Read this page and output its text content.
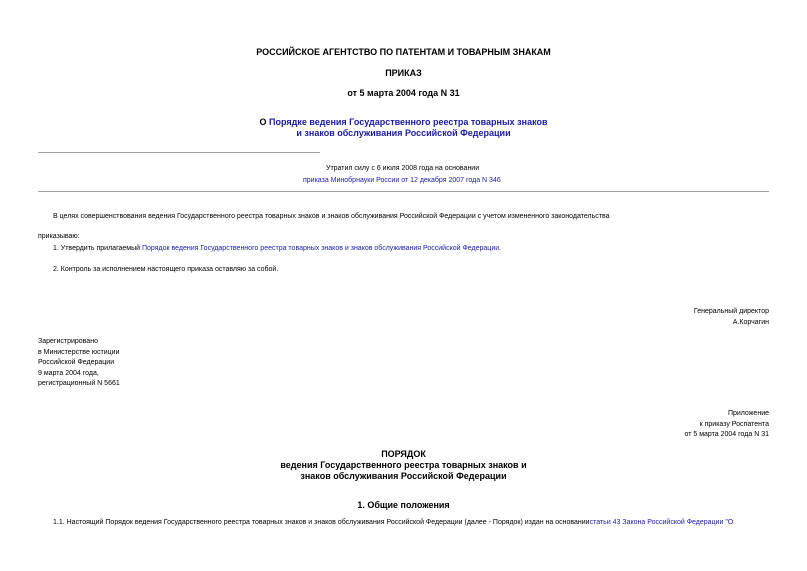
РОССИЙСКОЕ АГЕНТСТВО ПО ПАТЕНТАМ И ТОВАРНЫМ ЗНАКАМ
ПРИКАЗ
от 5 марта 2004 года N 31
О Порядке ведения Государственного реестра товарных знаков
и знаков обслуживания Российской Федерации
Утратил силу с 6 июля 2008 года на основании
приказа Минобрнауки России от 12 декабря 2007 года N 346
В целях совершенствования ведения Государственного реестра товарных знаков и знаков обслуживания Российской Федерации с учетом измененного законодательства
приказываю:
1. Утвердить прилагаемый Порядок ведения Государственного реестра товарных знаков и знаков обслуживания Российской Федерации.
2. Контроль за исполнением настоящего приказа оставляю за собой.
Генеральный директор
А.Корчагин
Зарегистрировано
в Министерстве юстиции
Российской Федерации
9 марта 2004 года,
регистрационный N 5661
Приложение
к приказу Роспатента
от 5 марта 2004 года N 31
ПОРЯДОК
ведения Государственного реестра товарных знаков и
знаков обслуживания Российской Федерации
1. Общие положения
1.1. Настоящий Порядок ведения Государственного реестра товарных знаков и знаков обслуживания Российской Федерации (далее - Порядок) издан на основаниистатьи 43 Закона Российской Федерации "О
